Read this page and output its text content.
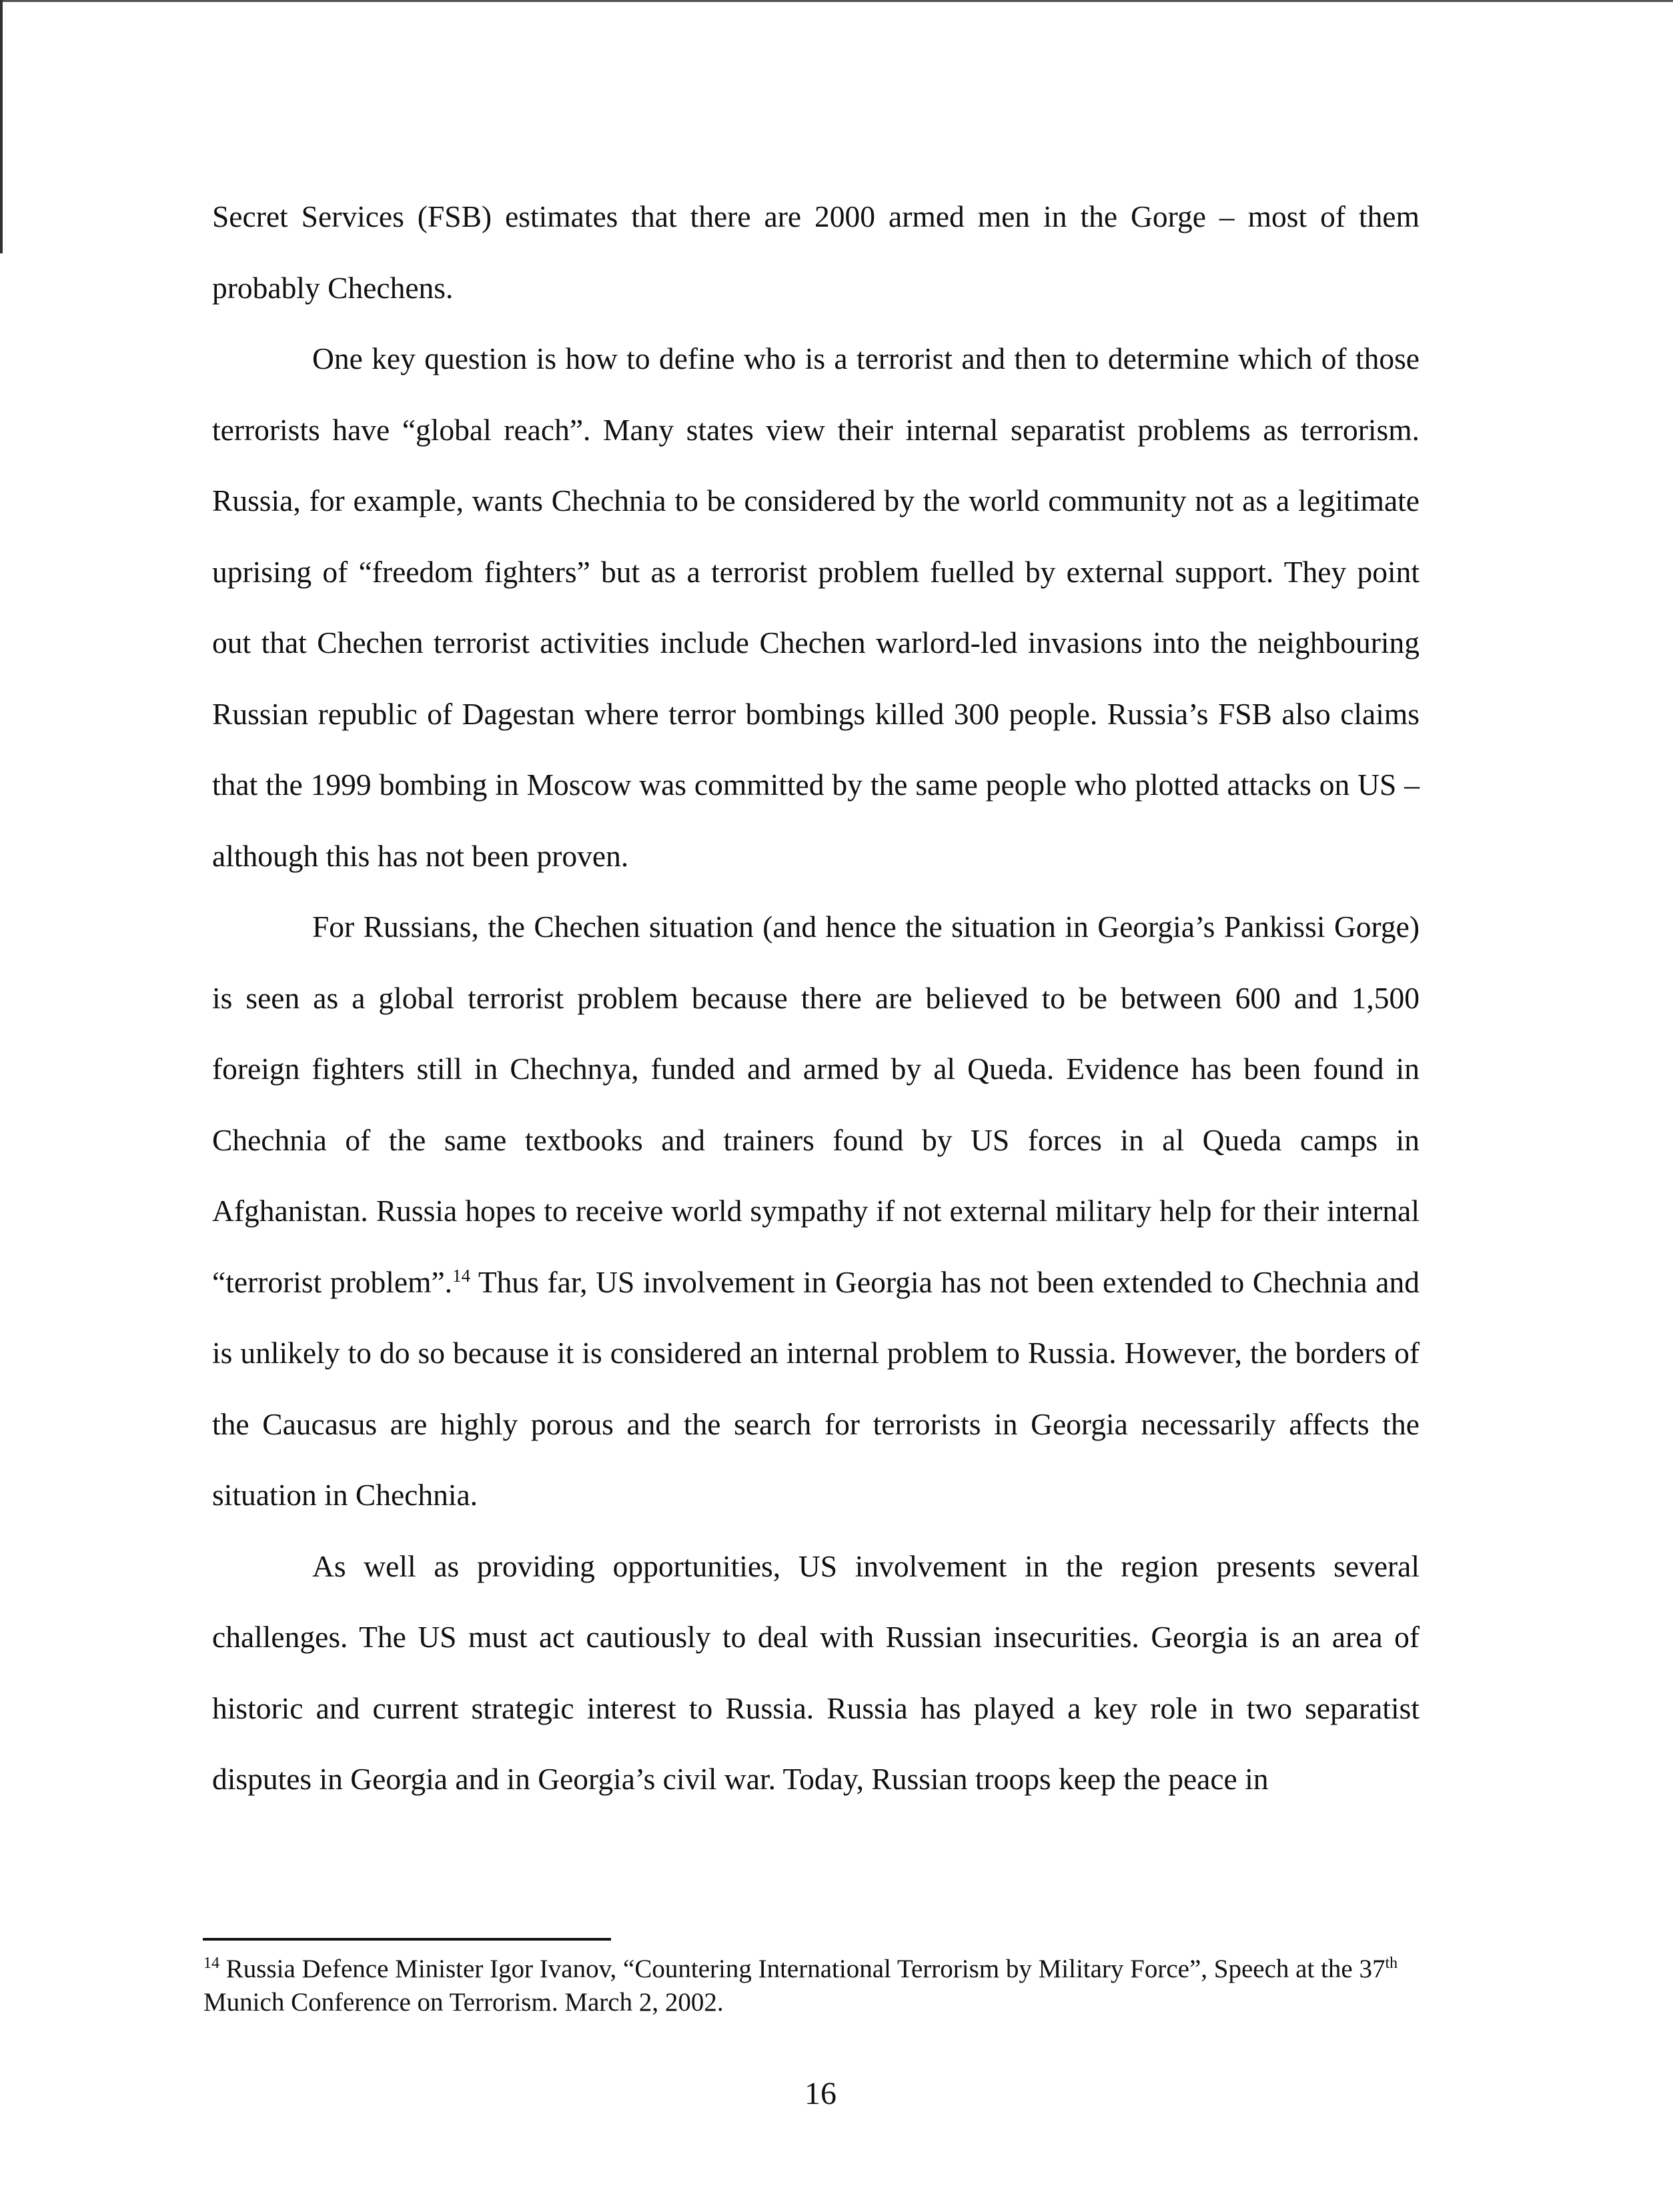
Secret Services (FSB) estimates that there are 2000 armed men in the Gorge – most of them probably Chechens.

One key question is how to define who is a terrorist and then to determine which of those terrorists have “global reach”. Many states view their internal separatist problems as terrorism. Russia, for example, wants Chechnia to be considered by the world community not as a legitimate uprising of “freedom fighters” but as a terrorist problem fuelled by external support. They point out that Chechen terrorist activities include Chechen warlord-led invasions into the neighbouring Russian republic of Dagestan where terror bombings killed 300 people. Russia’s FSB also claims that the 1999 bombing in Moscow was committed by the same people who plotted attacks on US – although this has not been proven.

For Russians, the Chechen situation (and hence the situation in Georgia’s Pankissi Gorge) is seen as a global terrorist problem because there are believed to be between 600 and 1,500 foreign fighters still in Chechnya, funded and armed by al Queda. Evidence has been found in Chechnia of the same textbooks and trainers found by US forces in al Queda camps in Afghanistan. Russia hopes to receive world sympathy if not external military help for their internal “terrorist problem”.$^{14}$ Thus far, US involvement in Georgia has not been extended to Chechnia and is unlikely to do so because it is considered an internal problem to Russia. However, the borders of the Caucasus are highly porous and the search for terrorists in Georgia necessarily affects the situation in Chechnia.

As well as providing opportunities, US involvement in the region presents several challenges. The US must act cautiously to deal with Russian insecurities. Georgia is an area of historic and current strategic interest to Russia. Russia has played a key role in two separatist disputes in Georgia and in Georgia’s civil war. Today, Russian troops keep the peace in

$^{14}$ Russia Defence Minister Igor Ivanov, “Countering International Terrorism by Military Force”, Speech at the 37th Munich Conference on Terrorism. March 2, 2002.

16
